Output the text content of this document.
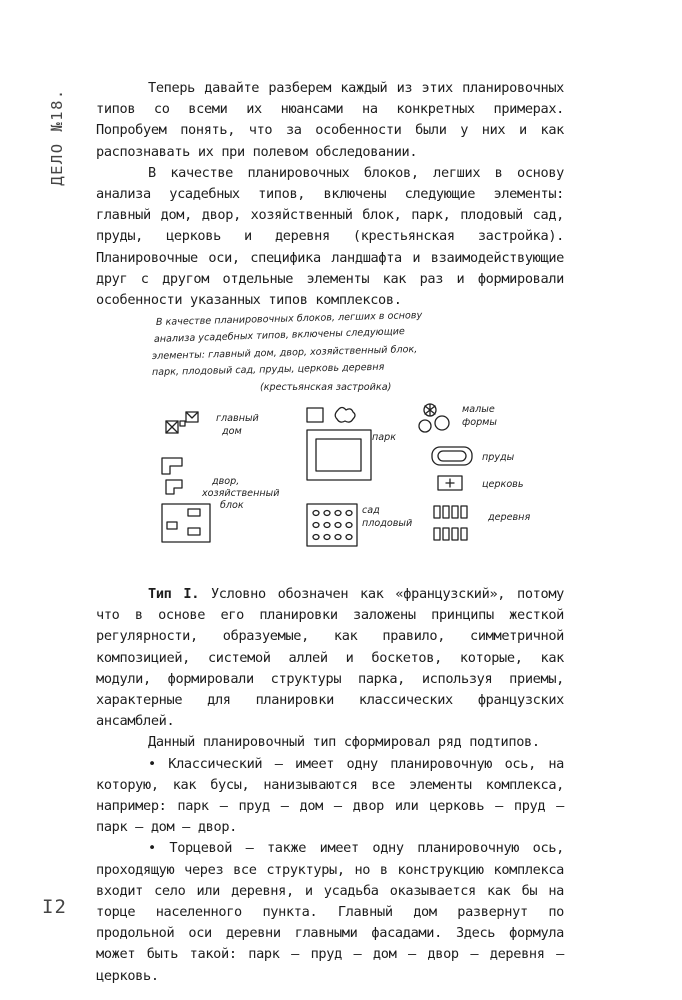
ДЕЛО №18.

Теперь давайте разберем каждый из этих планировочных типов со всеми их нюансами на конкретных примерах. Попробуем понять, что за особенности были у них и как распознавать их при полевом обследовании.

В качестве планировочных блоков, легших в основу анализа усадебных типов, включены следующие элементы: главный дом, двор, хозяйственный блок, парк, плодовый сад, пруды, церковь и деревня (крестьянская застройка). Планировочные оси, специфика ландшафта и взаимодействующие друг с другом отдельные элементы как раз и формировали особенности указанных типов комплексов.

В качестве планировочных блоков, легших в основу
анализа усадебных типов, включены следующие
элементы: главный дом, двор, хозяйственный блок,
парк, плодовый сад, пруды, церковь деревня
(крестьянская застройка)
главный
дом
двор,
хозяйственный
блок
парк
сад
плодовый
малые
формы
пруды
церковь
деревня

Тип I. Условно обозначен как «французский», потому что в основе его планировки заложены принципы жесткой регулярности, образуемые, как правило, симметричной композицией, системой аллей и боскетов, которые, как модули, формировали структуры парка, используя приемы, характерные для планировки классических французских ансамблей.

Данный планировочный тип сформировал ряд подтипов.

• Классический — имеет одну планировочную ось, на которую, как бусы, нанизываются все элементы комплекса, например: парк — пруд — дом — двор или церковь — пруд — парк — дом — двор.

• Торцевой — также имеет одну планировочную ось, проходящую через все структуры, но в конструкцию комплекса входит село или деревня, и усадьба оказывается как бы на торце населенного пункта. Главный дом развернут по продольной оси деревни главными фасадами. Здесь формула может быть такой: парк — пруд — дом — двор — деревня — церковь.

I2
